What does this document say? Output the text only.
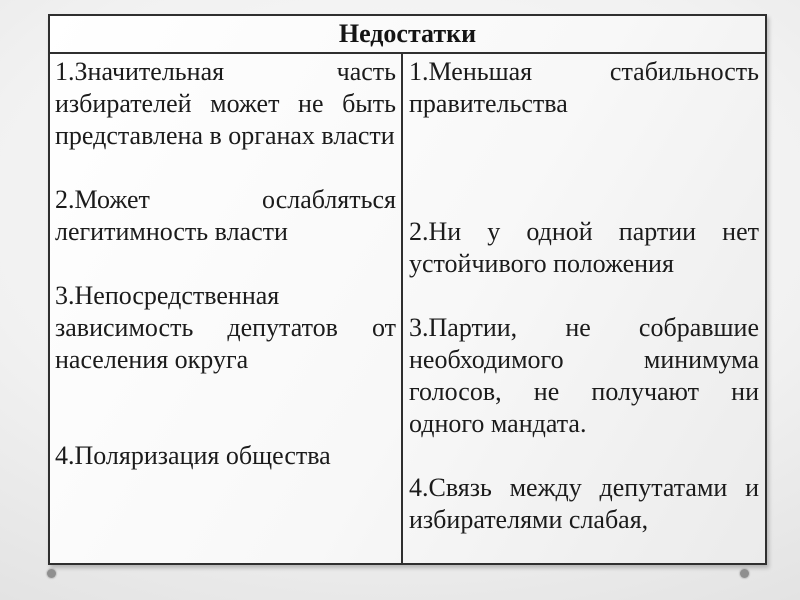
Недостатки

1.Значительная часть избирателей может не быть представлена в органах власти

2.Может ослабляться легитимность власти

3.Непосредственная зависимость депутатов от населения округа

4.Поляризация общества

1.Меньшая стабильность правительства

2.Ни у одной партии нет устойчивого положения

3.Партии, не собравшие необходимого минимума голосов, не получают ни одного мандата.

4.Связь между депутатами и избирателями слабая,
